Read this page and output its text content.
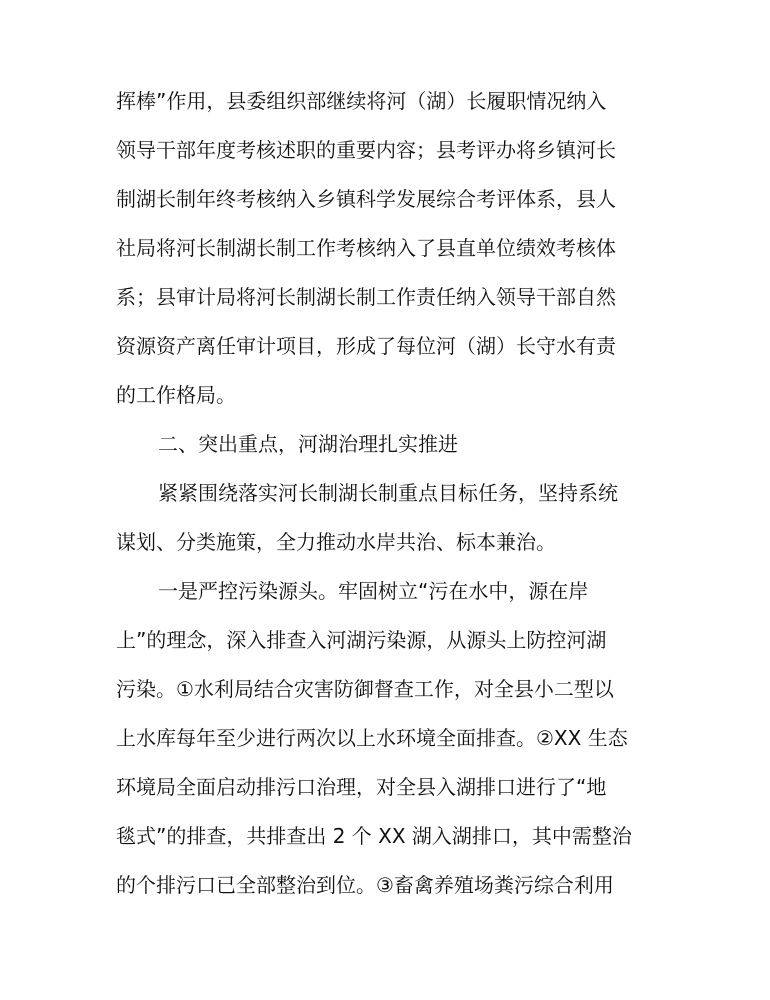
挥棒”作用，县委组织部继续将河（湖）长履职情况纳入
领导干部年度考核述职的重要内容；县考评办将乡镇河长
制湖长制年终考核纳入乡镇科学发展综合考评体系，县人
社局将河长制湖长制工作考核纳入了县直单位绩效考核体
系；县审计局将河长制湖长制工作责任纳入领导干部自然
资源资产离任审计项目，形成了每位河（湖）长守水有责
的工作格局。
二、突出重点，河湖治理扎实推进
紧紧围绕落实河长制湖长制重点目标任务，坚持系统
谋划、分类施策，全力推动水岸共治、标本兼治。
一是严控污染源头。牢固树立“污在水中，源在岸
上”的理念，深入排查入河湖污染源，从源头上防控河湖
污染。①水利局结合灾害防御督查工作，对全县小二型以
上水库每年至少进行两次以上水环境全面排查。②XX 生态
环境局全面启动排污口治理，对全县入湖排口进行了“地
毯式”的排查，共排查出 2 个 XX 湖入湖排口，其中需整治
的个排污口已全部整治到位。③畜禽养殖场粪污综合利用
